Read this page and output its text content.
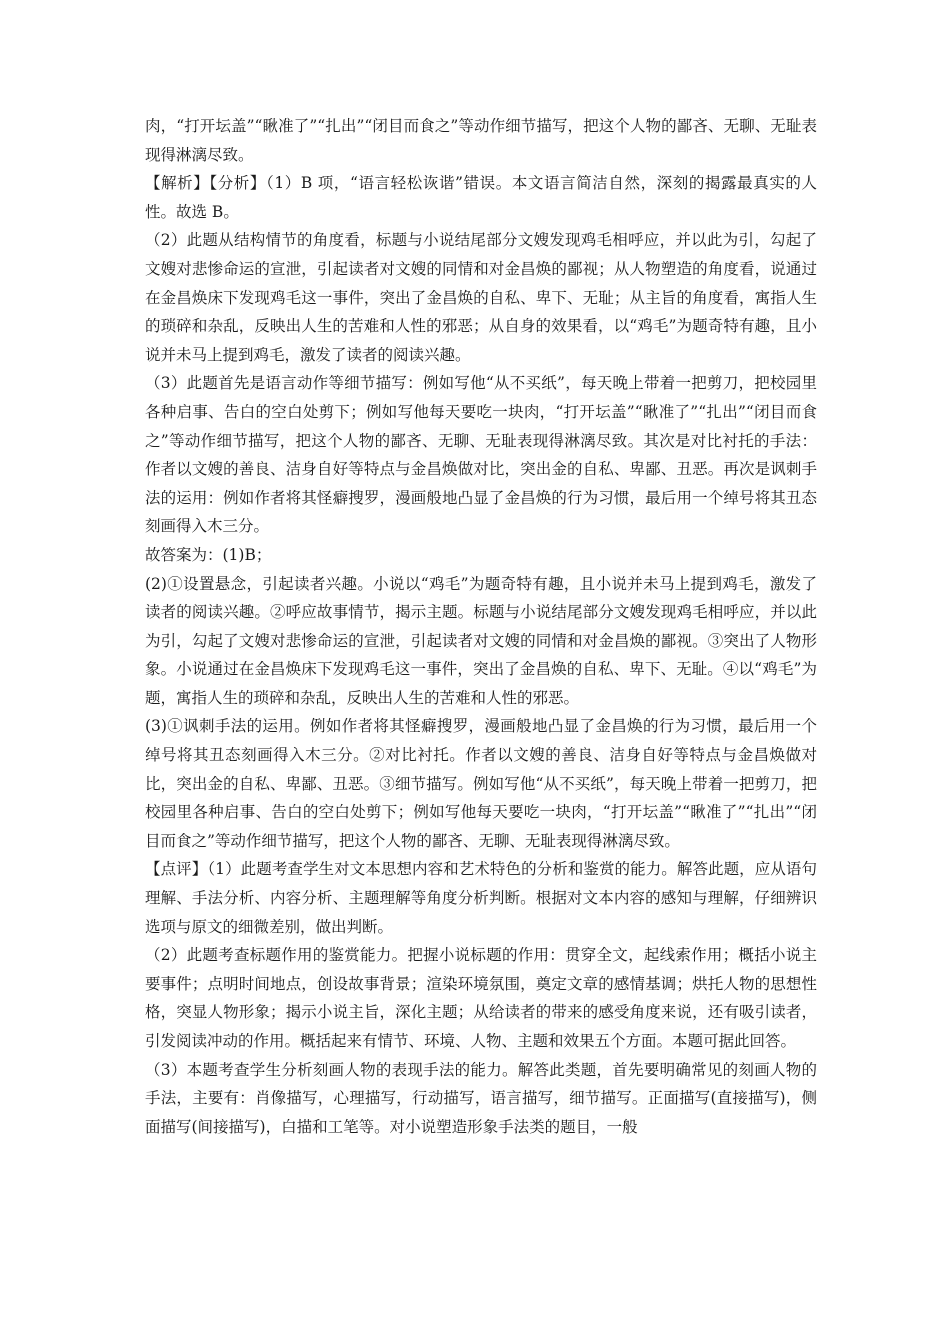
肉，“打开坛盖”“瞅准了”“扎出”“闭目而食之”等动作细节描写，把这个人物的鄙吝、无聊、无耻表现得淋漓尽致。

【解析】【分析】（1）B 项，“语言轻松诙谐”错误。本文语言简洁自然，深刻的揭露最真实的人性。故选 B。

（2）此题从结构情节的角度看，标题与小说结尾部分文嫂发现鸡毛相呼应，并以此为引，勾起了文嫂对悲惨命运的宣泄，引起读者对文嫂的同情和对金昌焕的鄙视；从人物塑造的角度看，说通过在金昌焕床下发现鸡毛这一事件，突出了金昌焕的自私、卑下、无耻；从主旨的角度看，寓指人生的琐碎和杂乱，反映出人生的苦难和人性的邪恶；从自身的效果看，以“鸡毛”为题奇特有趣，且小说并未马上提到鸡毛，激发了读者的阅读兴趣。

（3）此题首先是语言动作等细节描写：例如写他“从不买纸”，每天晚上带着一把剪刀，把校园里各种启事、告白的空白处剪下；例如写他每天要吃一块肉，“打开坛盖”“瞅准了”“扎出”“闭目而食之”等动作细节描写，把这个人物的鄙吝、无聊、无耻表现得淋漓尽致。其次是对比衬托的手法：作者以文嫂的善良、洁身自好等特点与金昌焕做对比，突出金的自私、卑鄙、丑恶。再次是讽刺手法的运用：例如作者将其怪癖搜罗，漫画般地凸显了金昌焕的行为习惯，最后用一个绰号将其丑态刻画得入木三分。

故答案为：(1)B；

(2)①设置悬念，引起读者兴趣。小说以“鸡毛”为题奇特有趣，且小说并未马上提到鸡毛，激发了读者的阅读兴趣。②呼应故事情节，揭示主题。标题与小说结尾部分文嫂发现鸡毛相呼应，并以此为引，勾起了文嫂对悲惨命运的宣泄，引起读者对文嫂的同情和对金昌焕的鄙视。③突出了人物形象。小说通过在金昌焕床下发现鸡毛这一事件，突出了金昌焕的自私、卑下、无耻。④以“鸡毛”为题，寓指人生的琐碎和杂乱，反映出人生的苦难和人性的邪恶。

(3)①讽刺手法的运用。例如作者将其怪癖搜罗，漫画般地凸显了金昌焕的行为习惯，最后用一个绰号将其丑态刻画得入木三分。②对比衬托。作者以文嫂的善良、洁身自好等特点与金昌焕做对比，突出金的自私、卑鄙、丑恶。③细节描写。例如写他“从不买纸”，每天晚上带着一把剪刀，把校园里各种启事、告白的空白处剪下；例如写他每天要吃一块肉，“打开坛盖”“瞅准了”“扎出”“闭目而食之”等动作细节描写，把这个人物的鄙吝、无聊、无耻表现得淋漓尽致。

【点评】（1）此题考查学生对文本思想内容和艺术特色的分析和鉴赏的能力。解答此题，应从语句理解、手法分析、内容分析、主题理解等角度分析判断。根据对文本内容的感知与理解，仔细辨识选项与原文的细微差别，做出判断。

（2）此题考查标题作用的鉴赏能力。把握小说标题的作用：贯穿全文，起线索作用；概括小说主要事件；点明时间地点，创设故事背景；渲染环境氛围，奠定文章的感情基调；烘托人物的思想性格，突显人物形象；揭示小说主旨，深化主题；从给读者的带来的感受角度来说，还有吸引读者，引发阅读冲动的作用。概括起来有情节、环境、人物、主题和效果五个方面。本题可据此回答。

（3）本题考查学生分析刻画人物的表现手法的能力。解答此类题，首先要明确常见的刻画人物的手法，主要有：肖像描写，心理描写，行动描写，语言描写，细节描写。正面描写(直接描写)，侧面描写(间接描写)，白描和工笔等。对小说塑造形象手法类的题目，一般
